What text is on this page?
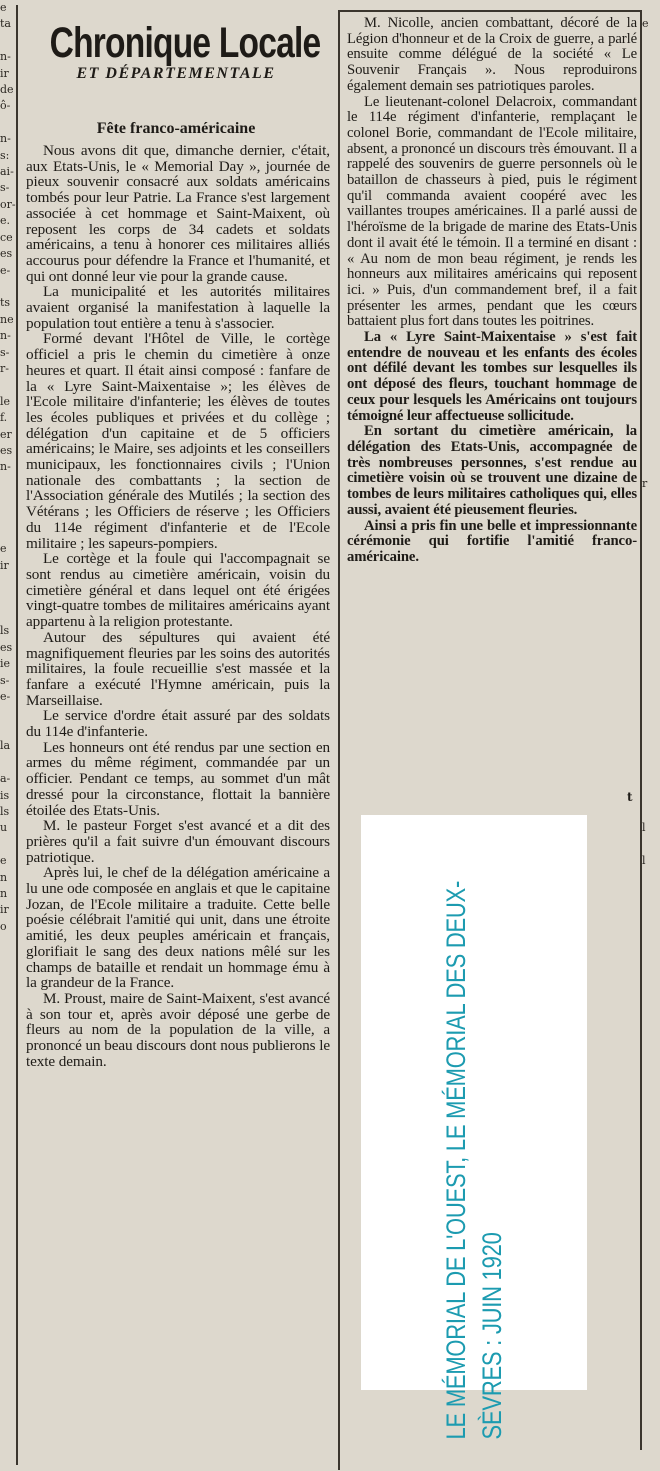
e
ta

n-
ir
de
ô-

n-
s:
ai-
s-
or-
e.
ce
es
e-

ts
ne
n-
s-
r-

le
f.
er
es
n-

e
ir

ls
es
ie
s-
e-

la

a-
is
ls
u

e
n
n
ir
o

e

r

l

l

Chronique Locale
ET DÉPARTEMENTALE
Fête franco-américaine

Nous avons dit que, dimanche dernier, c'était, aux Etats-Unis, le « Memorial Day », journée de pieux souvenir consacré aux soldats américains tombés pour leur Patrie. La France s'est largement associée à cet hommage et Saint-Maixent, où reposent les corps de 34 cadets et soldats américains, a tenu à honorer ces militaires alliés accourus pour défendre la France et l'humanité, et qui ont donné leur vie pour la grande cause.

La municipalité et les autorités militaires avaient organisé la manifestation à laquelle la population tout entière a tenu à s'associer.

Formé devant l'Hôtel de Ville, le cortège officiel a pris le chemin du cimetière à onze heures et quart. Il était ainsi composé : fanfare de la « Lyre Saint-Maixentaise »; les élèves de l'Ecole militaire d'infanterie; les élèves de toutes les écoles publiques et privées et du collège ; délégation d'un capitaine et de 5 officiers américains; le Maire, ses adjoints et les conseillers municipaux, les fonctionnaires civils ; l'Union nationale des combattants ; la section de l'Association générale des Mutilés ; la section des Vétérans ; les Officiers de réserve ; les Officiers du 114e régiment d'infanterie et de l'Ecole militaire ; les sapeurs-pompiers.

Le cortège et la foule qui l'accompagnait se sont rendus au cimetière américain, voisin du cimetière général et dans lequel ont été érigées vingt-quatre tombes de militaires américains ayant appartenu à la religion protestante.

Autour des sépultures qui avaient été magnifiquement fleuries par les soins des autorités militaires, la foule recueillie s'est massée et la fanfare a exécuté l'Hymne américain, puis la Marseillaise.

Le service d'ordre était assuré par des soldats du 114e d'infanterie.

Les honneurs ont été rendus par une section en armes du même régiment, commandée par un officier. Pendant ce temps, au sommet d'un mât dressé pour la circonstance, flottait la bannière étoilée des Etats-Unis.

M. le pasteur Forget s'est avancé et a dit des prières qu'il a fait suivre d'un émouvant discours patriotique.

Après lui, le chef de la délégation américaine a lu une ode composée en anglais et que le capitaine Jozan, de l'Ecole militaire a traduite. Cette belle poésie célébrait l'amitié qui unit, dans une étroite amitié, les deux peuples américain et français, glorifiait le sang des deux nations mêlé sur les champs de bataille et rendait un hommage ému à la grandeur de la France.

M. Proust, maire de Saint-Maixent, s'est avancé à son tour et, après avoir déposé une gerbe de fleurs au nom de la population de la ville, a prononcé un beau discours dont nous publierons le texte demain.

M. Nicolle, ancien combattant, décoré de la Légion d'honneur et de la Croix de guerre, a parlé ensuite comme délégué de la société « Le Souvenir Français ». Nous reproduirons également demain ses patriotiques paroles.

Le lieutenant-colonel Delacroix, commandant le 114e régiment d'infanterie, remplaçant le colonel Borie, commandant de l'Ecole militaire, absent, a prononcé un discours très émouvant. Il a rappelé des souvenirs de guerre personnels où le bataillon de chasseurs à pied, puis le régiment qu'il commanda avaient coopéré avec les vaillantes troupes américaines. Il a parlé aussi de l'héroïsme de la brigade de marine des Etats-Unis dont il avait été le témoin. Il a terminé en disant : « Au nom de mon beau régiment, je rends les honneurs aux militaires américains qui reposent ici. » Puis, d'un commandement bref, il a fait présenter les armes, pendant que les cœurs battaient plus fort dans toutes les poitrines.

La « Lyre Saint-Maixentaise » s'est fait entendre de nouveau et les enfants des écoles ont défilé devant les tombes sur lesquelles ils ont déposé des fleurs, touchant hommage de ceux pour lesquels les Américains ont toujours témoigné leur affectueuse sollicitude.

En sortant du cimetière américain, la délégation des Etats-Unis, accompagnée de très nombreuses personnes, s'est rendue au cimetière voisin où se trouvent une dizaine de tombes de leurs militaires catholiques qui, elles aussi, avaient été pieusement fleuries.

Ainsi a pris fin une belle et impressionnante cérémonie qui fortifie l'amitié franco-américaine.

t
LE MÉMORIAL DE L'OUEST, LE MÉMORIAL DES DEUX- SÈVRES : JUIN 1920
